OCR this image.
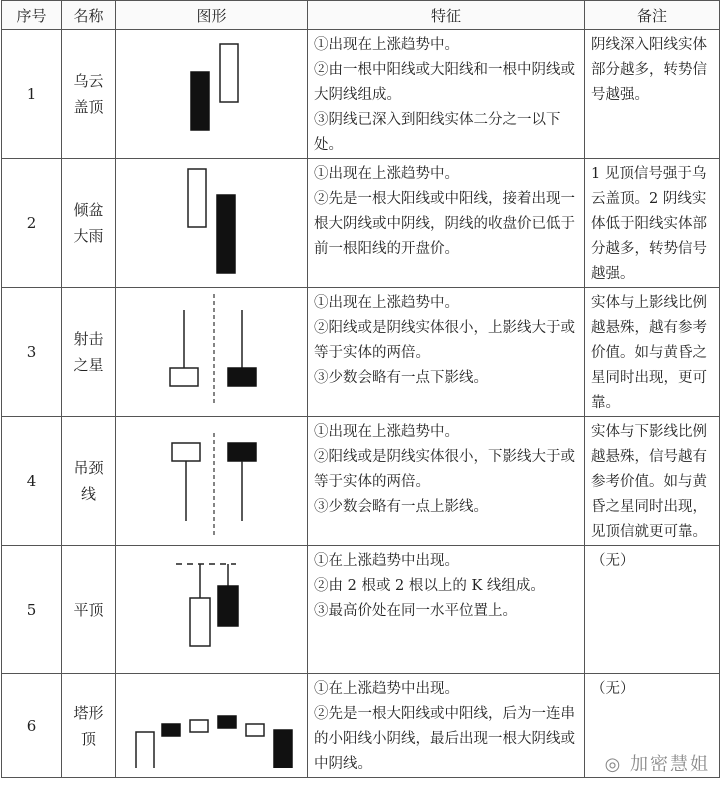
序号	名称	图形	特征	备注
1	乌云盖顶		①出现在上涨趋势中。
②由一根中阳线或大阳线和一根中阴线或大阴线组成。
③阴线已深入到阳线实体二分之一以下处。	阴线深入阳线实体部分越多，转势信号越强。
2	倾盆大雨		①出现在上涨趋势中。
②先是一根大阳线或中阳线，接着出现一根大阴线或中阴线，阴线的收盘价已低于前一根阳线的开盘价。	1 见顶信号强于乌云盖顶。2 阴线实体低于阳线实体部分越多，转势信号越强。
3	射击之星		①出现在上涨趋势中。
②阳线或是阴线实体很小，上影线大于或等于实体的两倍。
③少数会略有一点下影线。	实体与上影线比例越悬殊，越有参考价值。如与黄昏之星同时出现，更可靠。
4	吊颈线		①出现在上涨趋势中。
②阳线或是阴线实体很小，下影线大于或等于实体的两倍。
③少数会略有一点上影线。	实体与下影线比例越悬殊，信号越有参考价值。如与黄昏之星同时出现，见顶信就更可靠。
5	平顶		①在上涨趋势中出现。
②由 2 根或 2 根以上的 K 线组成。
③最高价处在同一水平位置上。	（无）
6	塔形顶		①在上涨趋势中出现。
②先是一根大阳线或中阳线，后为一连串的小阳线小阴线，最后出现一根大阴线或中阴线。	（无）
◎ 加密慧姐
